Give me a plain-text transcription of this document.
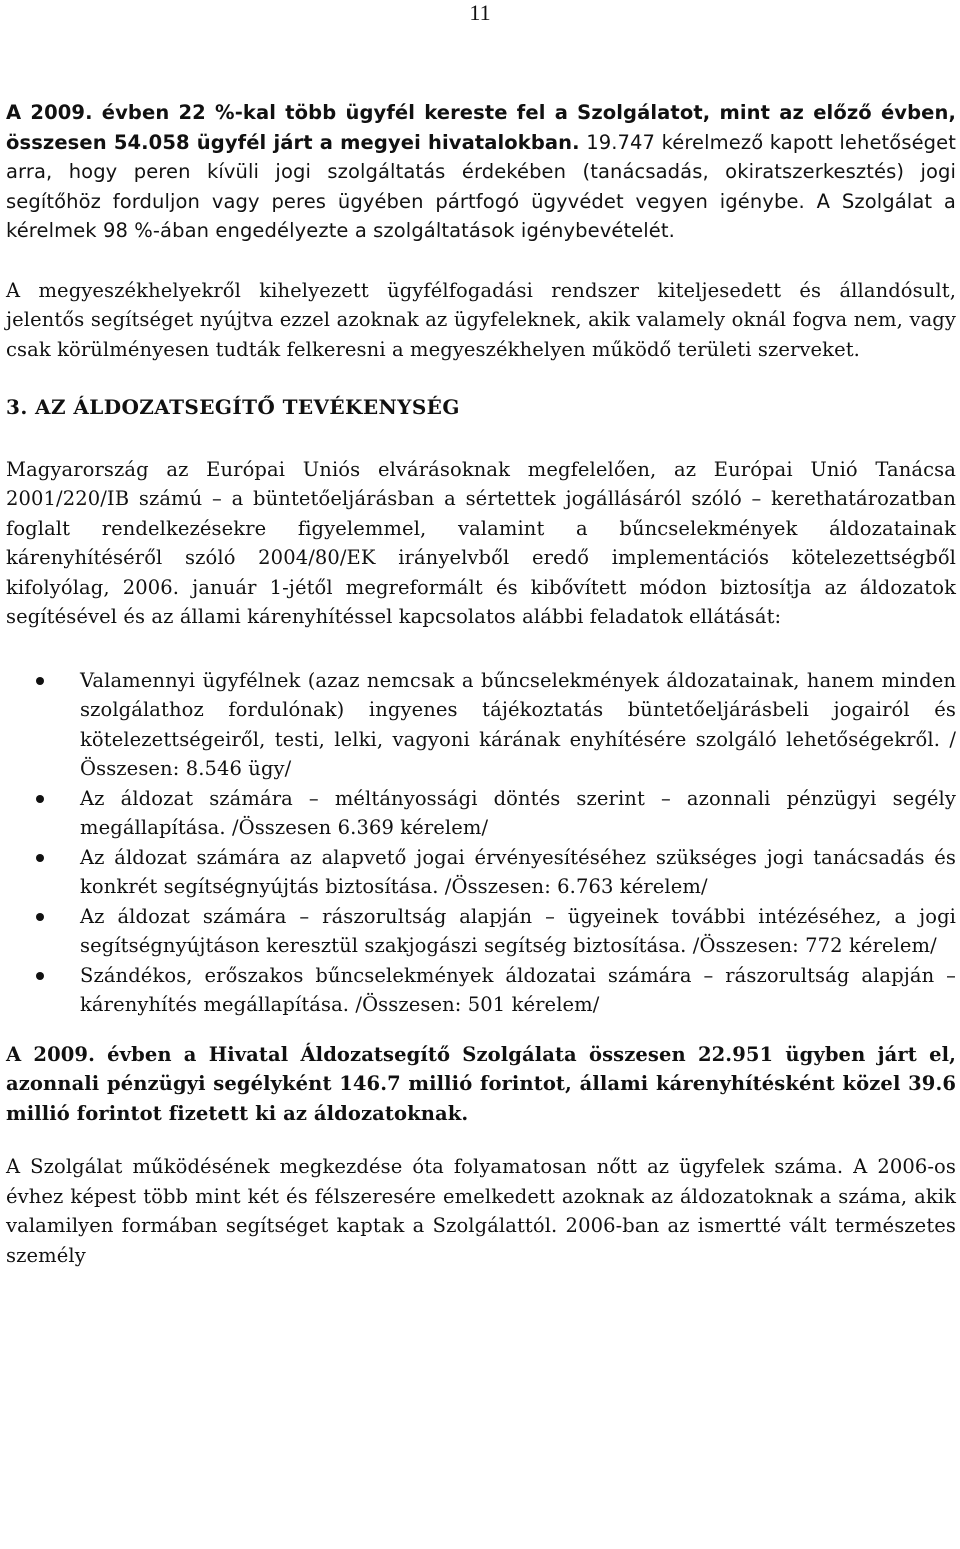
11

A 2009. évben 22 %-kal több ügyfél kereste fel a Szolgálatot, mint az előző évben, összesen 54.058 ügyfél járt a megyei hivatalokban. 19.747 kérelmező kapott lehetőséget arra, hogy peren kívüli jogi szolgáltatás érdekében (tanácsadás, okiratszerkesztés) jogi segítőhöz forduljon vagy peres ügyében pártfogó ügyvédet vegyen igénybe. A Szolgálat a kérelmek 98 %-ában engedélyezte a szolgáltatások igénybevételét.

A megyeszékhelyekről kihelyezett ügyfélfogadási rendszer kiteljesedett és állandósult, jelentős segítséget nyújtva ezzel azoknak az ügyfeleknek, akik valamely oknál fogva nem, vagy csak körülményesen tudták felkeresni a megyeszékhelyen működő területi szerveket.

3. AZ ÁLDOZATSEGÍTŐ TEVÉKENYSÉG

Magyarország az Európai Uniós elvárásoknak megfelelően, az Európai Unió Tanácsa 2001/220/IB számú – a büntetőeljárásban a sértettek jogállásáról szóló – kerethatározatban foglalt rendelkezésekre figyelemmel, valamint a bűncselekmények áldozatainak kárenyhítéséről szóló 2004/80/EK irányelvből eredő implementációs kötelezettségből kifolyólag, 2006. január 1-jétől megreformált és kibővített módon biztosítja az áldozatok segítésével és az állami kárenyhítéssel kapcsolatos alábbi feladatok ellátását:

Valamennyi ügyfélnek (azaz nemcsak a bűncselekmények áldozatainak, hanem minden szolgálathoz fordulónak) ingyenes tájékoztatás büntetőeljárásbeli jogairól és kötelezettségeiről, testi, lelki, vagyoni kárának enyhítésére szolgáló lehetőségekről. /Összesen: 8.546 ügy/
Az áldozat számára – méltányossági döntés szerint – azonnali pénzügyi segély megállapítása. /Összesen 6.369 kérelem/
Az áldozat számára az alapvető jogai érvényesítéséhez szükséges jogi tanácsadás és konkrét segítségnyújtás biztosítása. /Összesen: 6.763 kérelem/
Az áldozat számára – rászorultság alapján – ügyeinek további intézéséhez, a jogi segítségnyújtáson keresztül szakjogászi segítség biztosítása. /Összesen: 772 kérelem/
Szándékos, erőszakos bűncselekmények áldozatai számára – rászorultság alapján – kárenyhítés megállapítása. /Összesen: 501 kérelem/

A 2009. évben a Hivatal Áldozatsegítő Szolgálata összesen 22.951 ügyben járt el, azonnali pénzügyi segélyként 146.7 millió forintot, állami kárenyhítésként közel 39.6 millió forintot fizetett ki az áldozatoknak.

A Szolgálat működésének megkezdése óta folyamatosan nőtt az ügyfelek száma. A 2006-os évhez képest több mint két és félszeresére emelkedett azoknak az áldozatoknak a száma, akik valamilyen formában segítséget kaptak a Szolgálattól. 2006-ban az ismertté vált természetes személy
